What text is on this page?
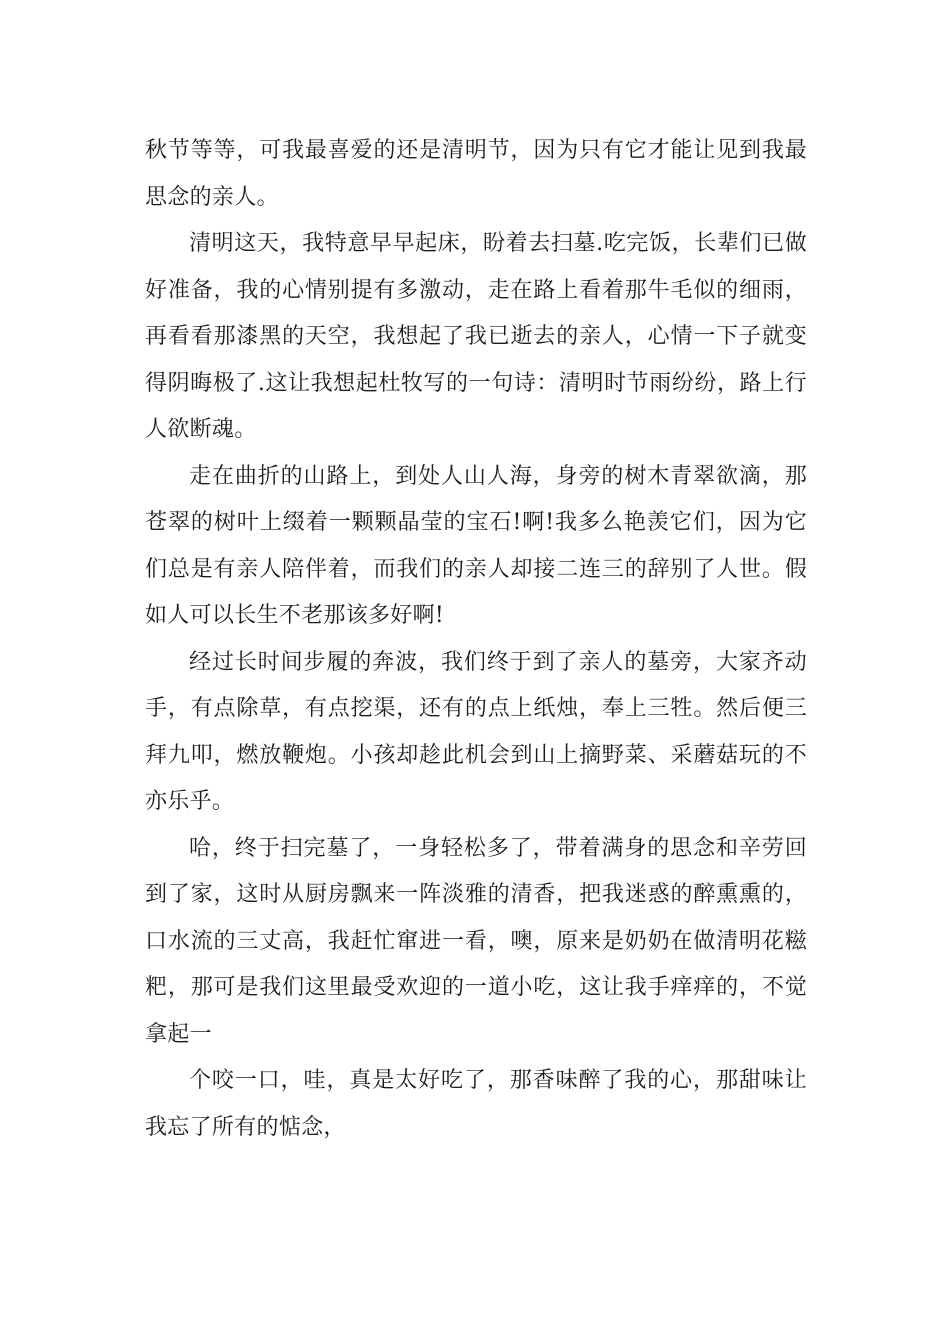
秋节等等，可我最喜爱的还是清明节，因为只有它才能让见到我最
思念的亲人。
清明这天，我特意早早起床，盼着去扫墓.吃完饭，长辈们已做
好准备，我的心情别提有多激动，走在路上看着那牛毛似的细雨，
再看看那漆黑的天空，我想起了我已逝去的亲人，心情一下子就变
得阴晦极了.这让我想起杜牧写的一句诗：清明时节雨纷纷，路上行
人欲断魂。
走在曲折的山路上，到处人山人海，身旁的树木青翠欲滴，那
苍翠的树叶上缀着一颗颗晶莹的宝石!啊!我多么艳羡它们，因为它
们总是有亲人陪伴着，而我们的亲人却接二连三的辞别了人世。假
如人可以长生不老那该多好啊!
经过长时间步履的奔波，我们终于到了亲人的墓旁，大家齐动
手，有点除草，有点挖渠，还有的点上纸烛，奉上三牲。然后便三
拜九叩，燃放鞭炮。小孩却趁此机会到山上摘野菜、采蘑菇玩的不
亦乐乎。
哈，终于扫完墓了，一身轻松多了，带着满身的思念和辛劳回
到了家，这时从厨房飘来一阵淡雅的清香，把我迷惑的醉熏熏的，
口水流的三丈高，我赶忙窜进一看，噢，原来是奶奶在做清明花糍
粑，那可是我们这里最受欢迎的一道小吃，这让我手痒痒的，不觉
拿起一
个咬一口，哇，真是太好吃了，那香味醉了我的心，那甜味让
我忘了所有的惦念，
